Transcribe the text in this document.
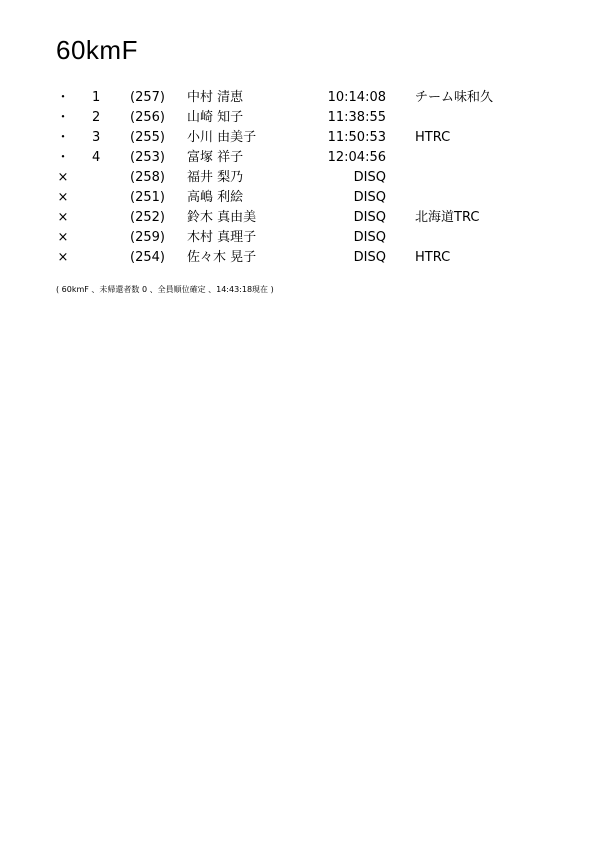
60kmF
・ 1 (257) 中村 清恵	10:14:08 チーム味和久
・ 2 (256) 山崎 知子	11:38:55
・ 3 (255) 小川 由美子	11:50:53 HTRC
・ 4 (253) 富塚 祥子	12:04:56
×	(258) 福井 梨乃	DISQ
×	(251) 高嶋 利絵	DISQ
×	(252) 鈴木 真由美	DISQ 北海道TRC
×	(259) 木村 真理子	DISQ
×	(254) 佐々木 晃子	DISQ HTRC
( 60kmF 、未帰還者数 0 、全員順位確定 、14:43:18現在 )
